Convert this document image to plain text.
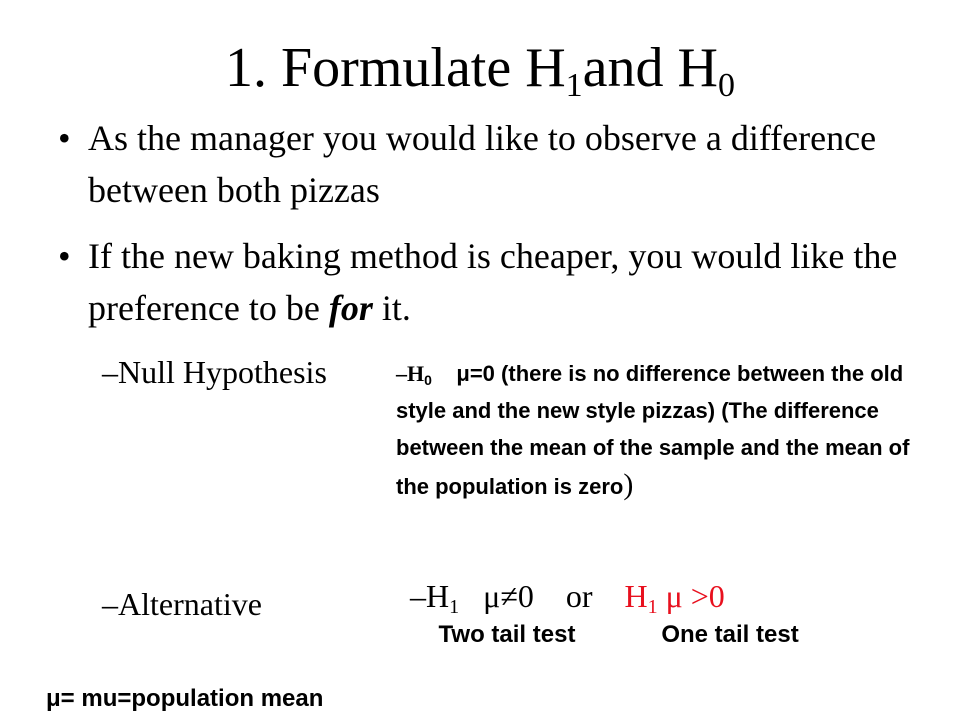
1. Formulate $H_1and$ $H_0$
• As the manager you would like to observe a difference between both pizzas
• If the new baking method is cheaper, you would like the preference to be for it.
–Null Hypothesis	$-H_0$ μ=0 (there is no difference between the old style and the new style pizzas) (The difference between the mean of the sample and the mean of the population is zero)
–Alternative	$-H_1$ μ≠0 or $H_1$ μ >0
Two tail test	One tail test
μ= mu=population mean
